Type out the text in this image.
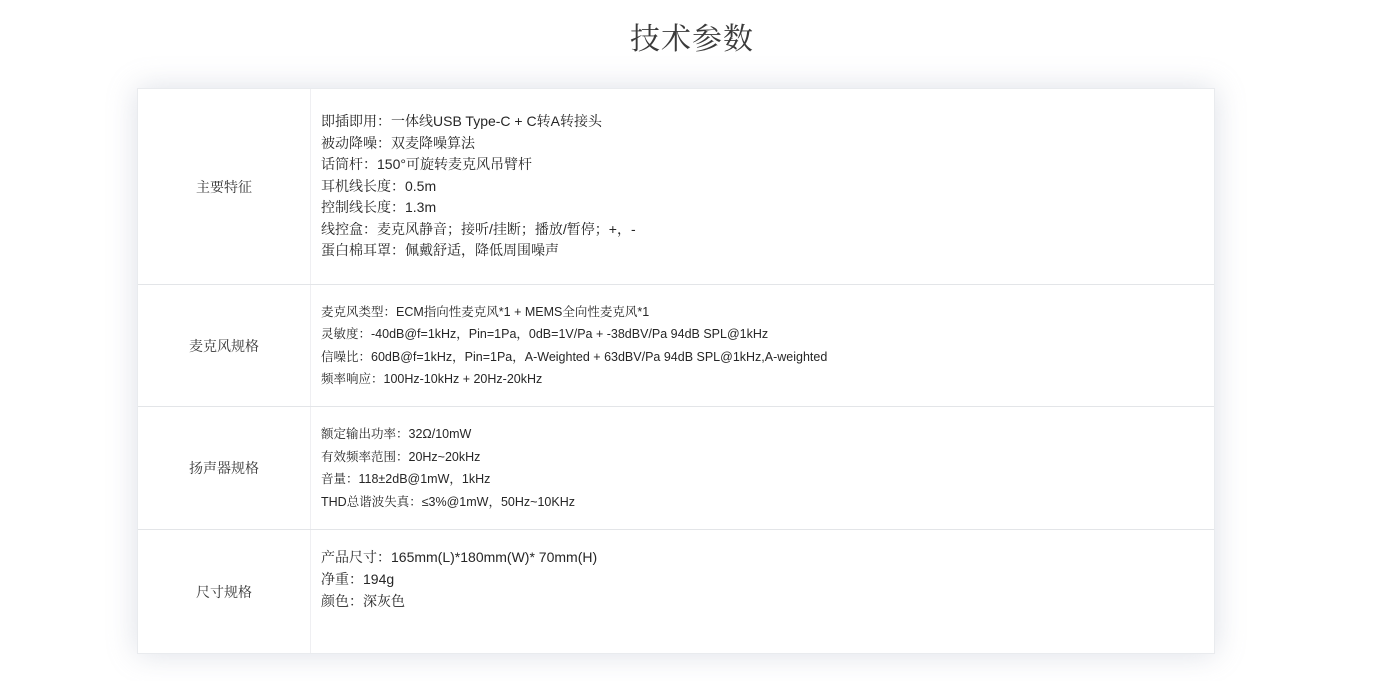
技术参数
主要特征
即插即用：一体线USB Type-C + C转A转接头
被动降噪：双麦降噪算法
话筒杆：150°可旋转麦克风吊臂杆
耳机线长度：0.5m
控制线长度：1.3m
线控盒：麦克风静音；接听/挂断；播放/暂停；+，-
蛋白棉耳罩：佩戴舒适，降低周围噪声
麦克风规格
麦克风类型：ECM指向性麦克风*1 + MEMS全向性麦克风*1
灵敏度：-40dB@f=1kHz，Pin=1Pa，0dB=1V/Pa + -38dBV/Pa 94dB SPL@1kHz
信噪比：60dB@f=1kHz，Pin=1Pa，A-Weighted + 63dBV/Pa 94dB SPL@1kHz,A-weighted
频率响应：100Hz-10kHz + 20Hz-20kHz
扬声器规格
额定输出功率：32Ω/10mW
有效频率范围：20Hz~20kHz
音量：118±2dB@1mW，1kHz
THD总谐波失真：≤3%@1mW，50Hz~10KHz
尺寸规格
产品尺寸：165mm(L)*180mm(W)* 70mm(H)
净重：194g
颜色：深灰色
